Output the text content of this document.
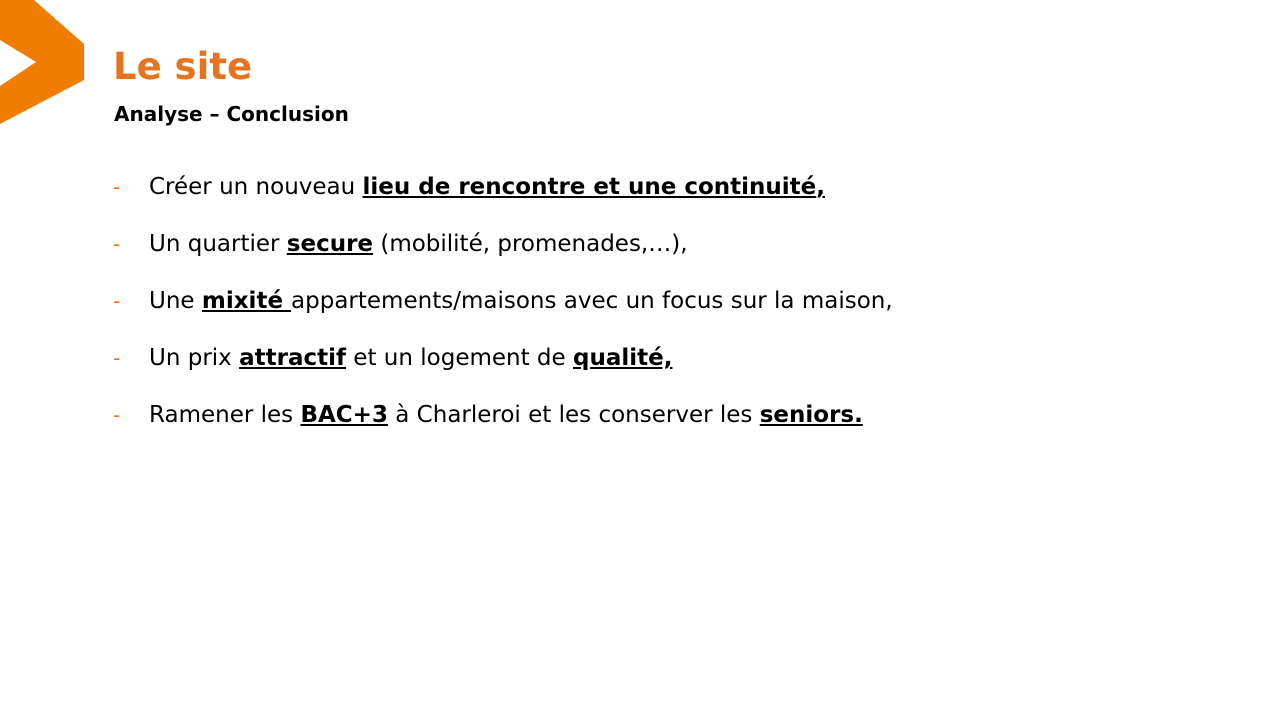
Le site
Analyse – Conclusion
- Créer un nouveau lieu de rencontre et une continuité,
- Un quartier secure (mobilité, promenades,…),
- Une mixité appartements/maisons avec un focus sur la maison,
- Un prix attractif et un logement de qualité,
- Ramener les BAC+3 à Charleroi et les conserver les seniors.
